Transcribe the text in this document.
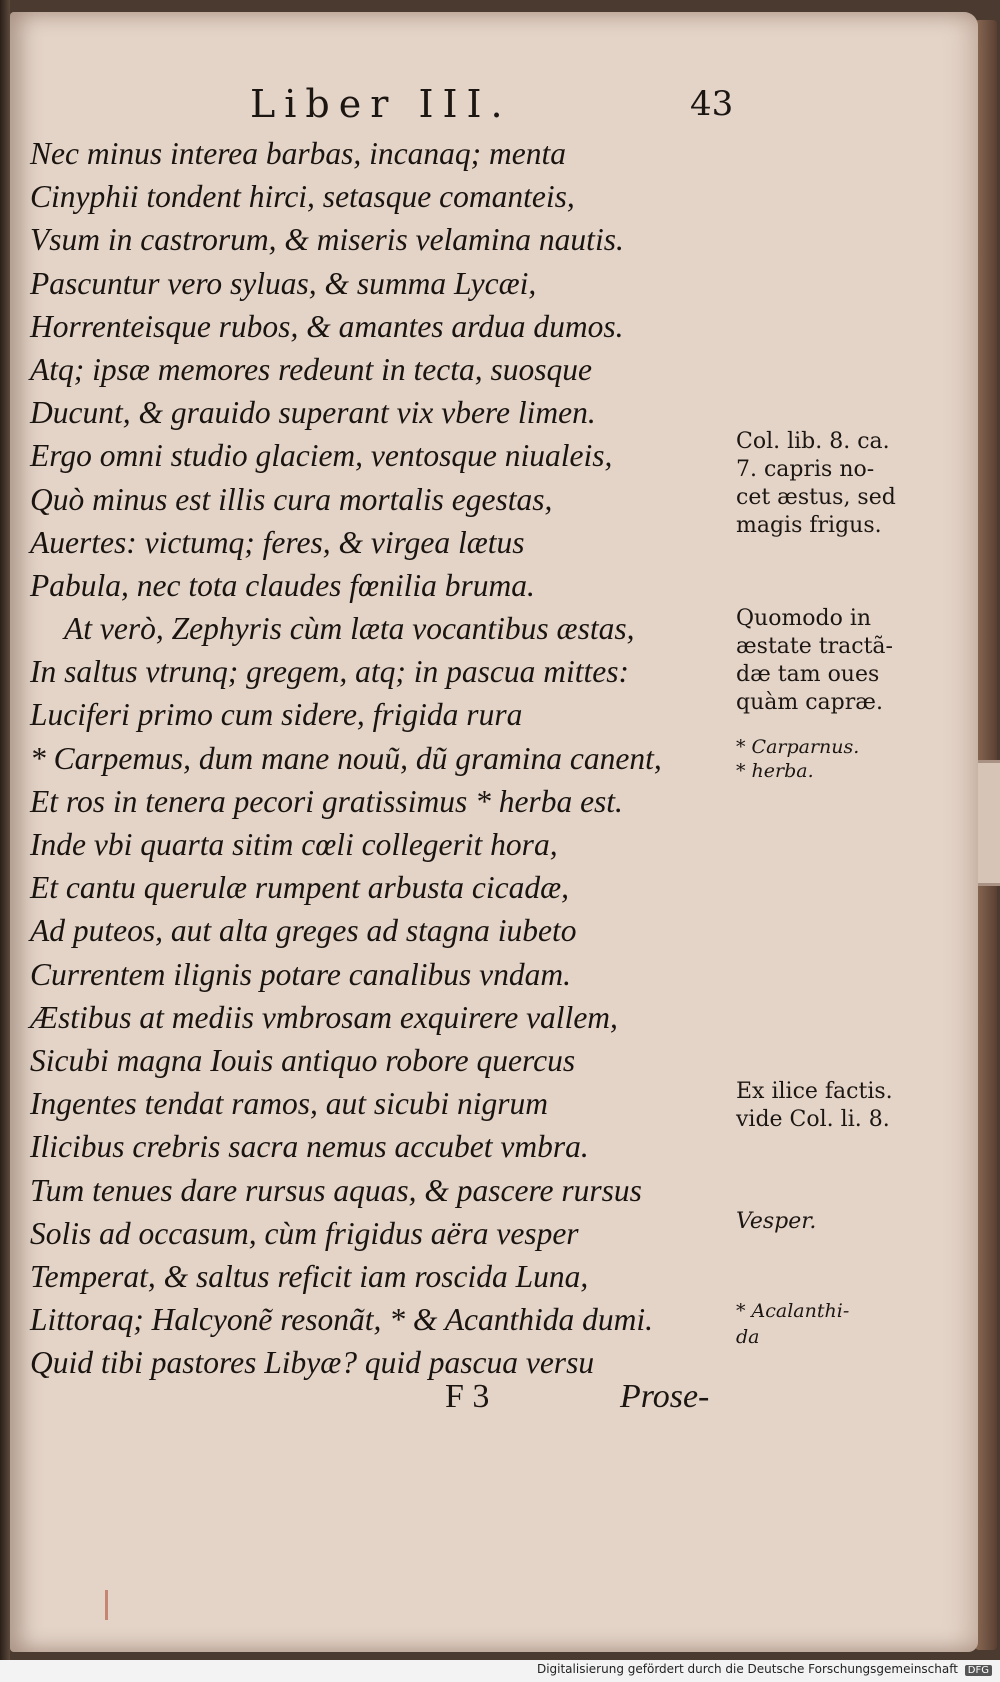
Liber III.	43
Nec minus interea barbas, incanaq; menta
Cinyphii tondent hirci, setasque comanteis,
Vsum in castrorum, & miseris velamina nautis.
Pascuntur vero syluas, & summa Lycæi,
Horrenteisque rubos, & amantes ardua dumos.
Atq; ipsæ memores redeunt in tecta, suosque
Ducunt, & grauido superant vix vbere limen.
Ergo omni studio glaciem, ventosque niualeis,
Quò minus est illis cura mortalis egestas,
Auertes: victumq; feres, & virgea lætus
Pabula, nec tota claudes fœnilia bruma.
At verò, Zephyris cùm læta vocantibus æstas,
In saltus vtrunq; gregem, atq; in pascua mittes:
Luciferi primo cum sidere, frigida rura
* Carpemus, dum mane nouũ, dũ gramina canent,
Et ros in tenera pecori gratissimus * herba est.
Inde vbi quarta sitim cœli collegerit hora,
Et cantu querulæ rumpent arbusta cicadæ,
Ad puteos, aut alta greges ad stagna iubeto
Currentem ilignis potare canalibus vndam.
Æstibus at mediis vmbrosam exquirere vallem,
Sicubi magna Iouis antiquo robore quercus
Ingentes tendat ramos, aut sicubi nigrum
Ilicibus crebris sacra nemus accubet vmbra.
Tum tenues dare rursus aquas, & pascere rursus
Solis ad occasum, cùm frigidus aëra vesper
Temperat, & saltus reficit iam roscida Luna,
Littoraq; Halcyonẽ resonãt, * & Acanthida dumi.
Quid tibi pastores Libyæ? quid pascua versu
Col. lib. 8. ca.
7. capris no-
cet æstus, sed
magis frigus.
Quomodo in
æstate tractã-
dæ tam oues
quàm capræ.
* Carparnus.
* herba.
Ex ilice factis.
vide Col. li. 8.
Vesper.
* Acalanthi-
da
F 3	Prose-
Digitalisierung gefördert durch die Deutsche Forschungsgemeinschaft DFG
